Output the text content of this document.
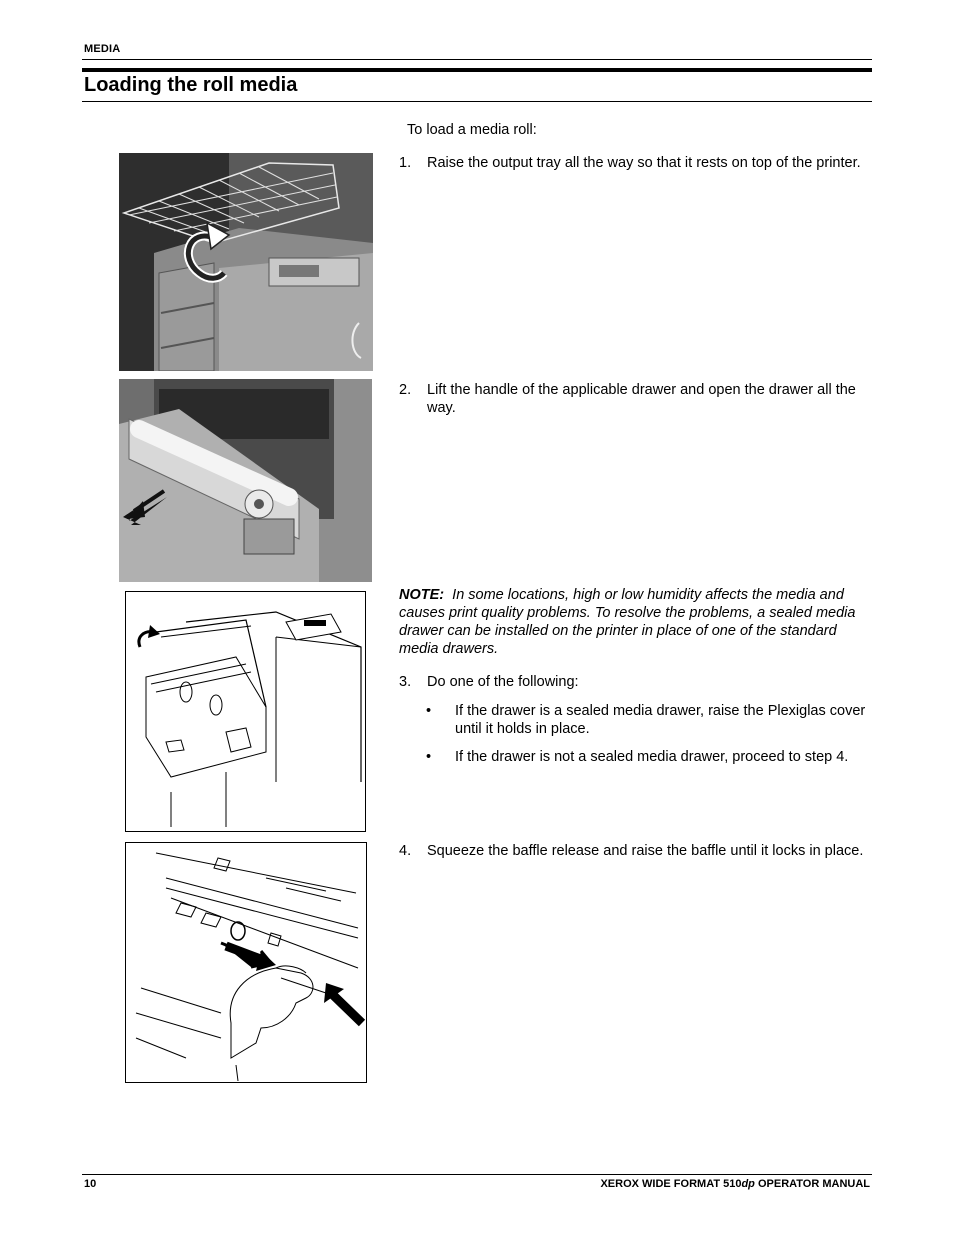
MEDIA
Loading the roll media
To load a media roll:
1. Raise the output tray all the way so that it rests on top of the printer.
2. Lift the handle of the applicable drawer and open the drawer all the way.
NOTE: In some locations, high or low humidity affects the media and causes print quality problems. To resolve the problems, a sealed media drawer can be installed on the printer in place of one of the standard media drawers.
3. Do one of the following:
• If the drawer is a sealed media drawer, raise the Plexiglas cover until it holds in place.
• If the drawer is not a sealed media drawer, proceed to step 4.
4. Squeeze the baffle release and raise the baffle until it locks in place.
10	XEROX WIDE FORMAT 510dp OPERATOR MANUAL
